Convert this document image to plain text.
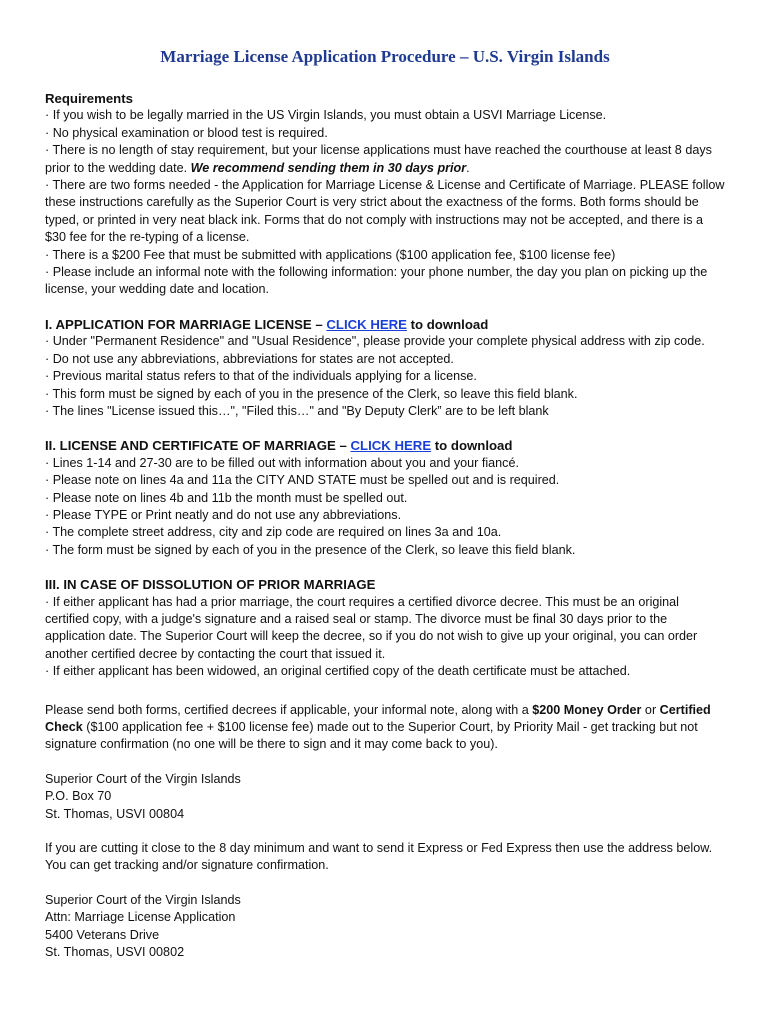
Marriage License Application Procedure – U.S. Virgin Islands

Requirements

· If you wish to be legally married in the US Virgin Islands, you must obtain a USVI Marriage License.

· No physical examination or blood test is required.

· There is no length of stay requirement, but your license applications must have reached the courthouse at least 8 days prior to the wedding date. We recommend sending them in 30 days prior.

· There are two forms needed - the Application for Marriage License & License and Certificate of Marriage. PLEASE follow these instructions carefully as the Superior Court is very strict about the exactness of the forms. Both forms should be typed, or printed in very neat black ink. Forms that do not comply with instructions may not be accepted, and there is a $30 fee for the re-typing of a license.

· There is a $200 Fee that must be submitted with applications ($100 application fee, $100 license fee)

· Please include an informal note with the following information: your phone number, the day you plan on picking up the license, your wedding date and location.

I. APPLICATION FOR MARRIAGE LICENSE – CLICK HERE to download

· Under "Permanent Residence" and "Usual Residence", please provide your complete physical address with zip code.

· Do not use any abbreviations, abbreviations for states are not accepted.

· Previous marital status refers to that of the individuals applying for a license.

· This form must be signed by each of you in the presence of the Clerk, so leave this field blank.

· The lines "License issued this…", "Filed this…" and "By Deputy Clerk” are to be left blank

II. LICENSE AND CERTIFICATE OF MARRIAGE – CLICK HERE to download

· Lines 1-14 and 27-30 are to be filled out with information about you and your fiancé.

· Please note on lines 4a and 11a the CITY AND STATE must be spelled out and is required.

· Please note on lines 4b and 11b the month must be spelled out.

· Please TYPE or Print neatly and do not use any abbreviations.

· The complete street address, city and zip code are required on lines 3a and 10a.

· The form must be signed by each of you in the presence of the Clerk, so leave this field blank.

III. IN CASE OF DISSOLUTION OF PRIOR MARRIAGE

· If either applicant has had a prior marriage, the court requires a certified divorce decree. This must be an original certified copy, with a judge's signature and a raised seal or stamp. The divorce must be final 30 days prior to the application date. The Superior Court will keep the decree, so if you do not wish to give up your original, you can order another certified decree by contacting the court that issued it.

· If either applicant has been widowed, an original certified copy of the death certificate must be attached.

Please send both forms, certified decrees if applicable, your informal note, along with a $200 Money Order or Certified Check ($100 application fee + $100 license fee) made out to the Superior Court, by Priority Mail - get tracking but not signature confirmation (no one will be there to sign and it may come back to you).

Superior Court of the Virgin Islands

P.O. Box 70

St. Thomas, USVI 00804

If you are cutting it close to the 8 day minimum and want to send it Express or Fed Express then use the address below. You can get tracking and/or signature confirmation.

Superior Court of the Virgin Islands

Attn: Marriage License Application

5400 Veterans Drive

St. Thomas, USVI 00802
